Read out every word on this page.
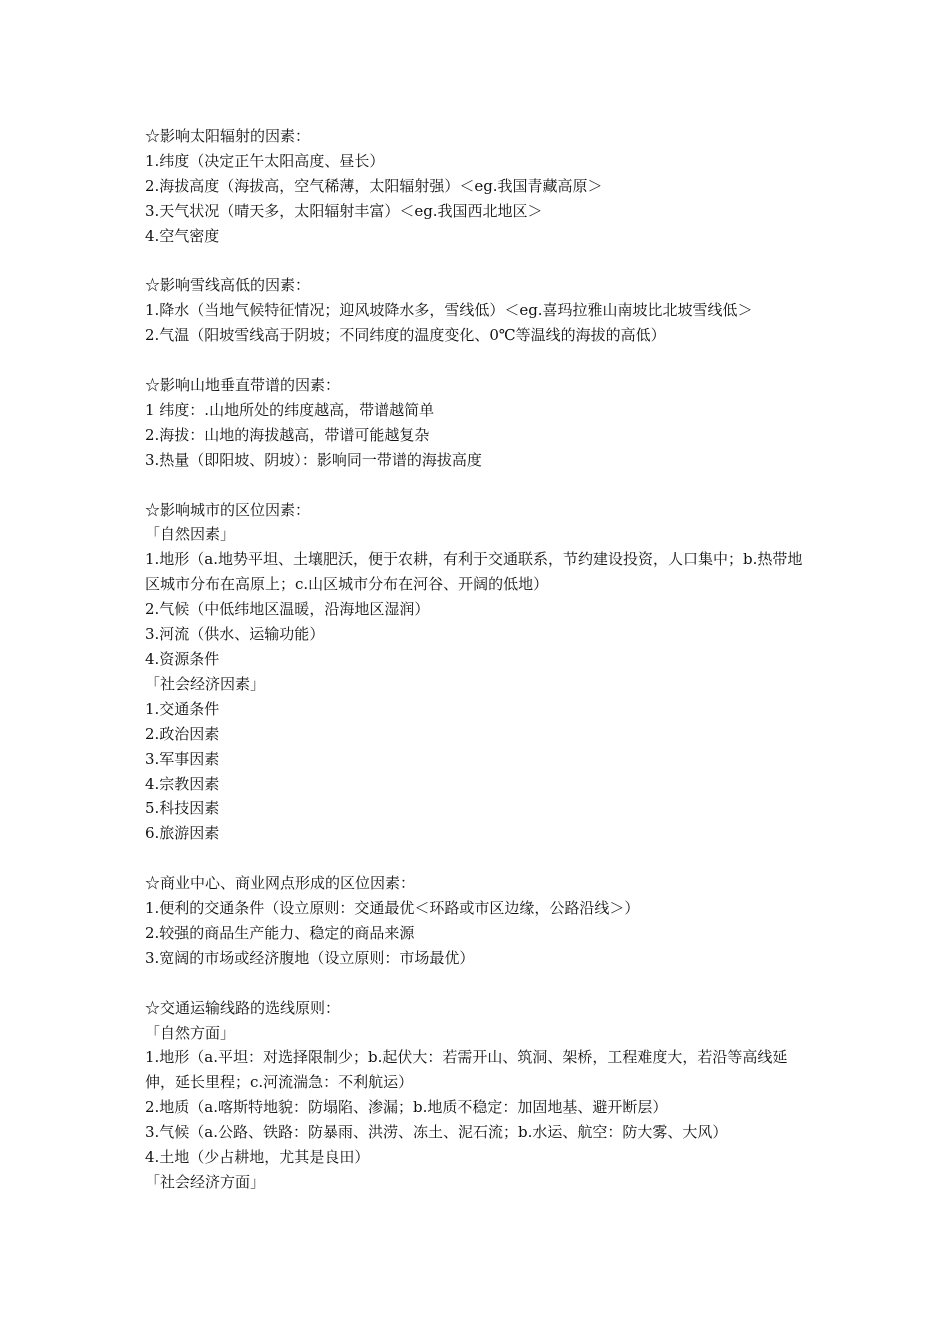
☆影响太阳辐射的因素：
1.纬度（决定正午太阳高度、昼长）
2.海拔高度（海拔高，空气稀薄，太阳辐射强）＜eg.我国青藏高原＞
3.天气状况（晴天多，太阳辐射丰富）＜eg.我国西北地区＞
4.空气密度
☆影响雪线高低的因素：
1.降水（当地气候特征情况；迎风坡降水多，雪线低）＜eg.喜玛拉雅山南坡比北坡雪线低＞
2.气温（阳坡雪线高于阴坡；不同纬度的温度变化、0℃等温线的海拔的高低）
☆影响山地垂直带谱的因素：
1 纬度：.山地所处的纬度越高，带谱越简单
2.海拔：山地的海拔越高，带谱可能越复杂
3.热量（即阳坡、阴坡）：影响同一带谱的海拔高度
☆影响城市的区位因素：
「自然因素」
1.地形（a.地势平坦、土壤肥沃，便于农耕，有利于交通联系，节约建设投资，人口集中；b.热带地区城市分布在高原上；c.山区城市分布在河谷、开阔的低地）
2.气候（中低纬地区温暖，沿海地区湿润）
3.河流（供水、运输功能）
4.资源条件
「社会经济因素」
1.交通条件
2.政治因素
3.军事因素
4.宗教因素
5.科技因素
6.旅游因素
☆商业中心、商业网点形成的区位因素：
1.便利的交通条件（设立原则：交通最优＜环路或市区边缘，公路沿线＞）
2.较强的商品生产能力、稳定的商品来源
3.宽阔的市场或经济腹地（设立原则：市场最优）
☆交通运输线路的选线原则：
「自然方面」
1.地形（a.平坦：对选择限制少；b.起伏大：若需开山、筑洞、架桥，工程难度大，若沿等高线延伸，延长里程；c.河流湍急：不利航运）
2.地质（a.喀斯特地貌：防塌陷、渗漏；b.地质不稳定：加固地基、避开断层）
3.气候（a.公路、铁路：防暴雨、洪涝、冻土、泥石流；b.水运、航空：防大雾、大风）
4.土地（少占耕地，尤其是良田）
「社会经济方面」
